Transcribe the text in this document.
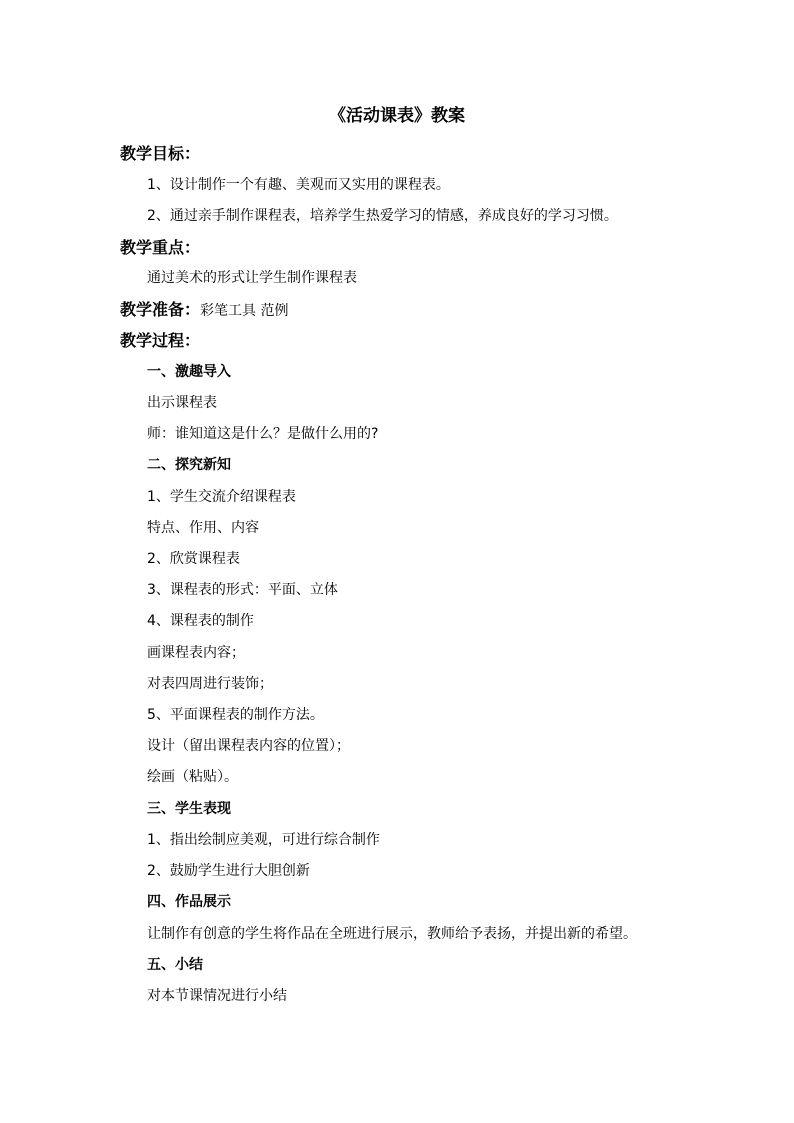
《活动课表》教案
教学目标：
1、设计制作一个有趣、美观而又实用的课程表。
2、通过亲手制作课程表，培养学生热爱学习的情感，养成良好的学习习惯。
教学重点：
通过美术的形式让学生制作课程表
教学准备：彩笔工具 范例
教学过程：
一、激趣导入
出示课程表
师：谁知道这是什么？是做什么用的?
二、探究新知
1、学生交流介绍课程表
特点、作用、内容
2、欣赏课程表
3、课程表的形式：平面、立体
4、课程表的制作
画课程表内容；
对表四周进行装饰；
5、平面课程表的制作方法。
设计（留出课程表内容的位置）；
绘画（粘贴）。
三、学生表现
1、指出绘制应美观，可进行综合制作
2、鼓励学生进行大胆创新
四、作品展示
让制作有创意的学生将作品在全班进行展示，教师给予表扬，并提出新的希望。
五、小结
对本节课情况进行小结
